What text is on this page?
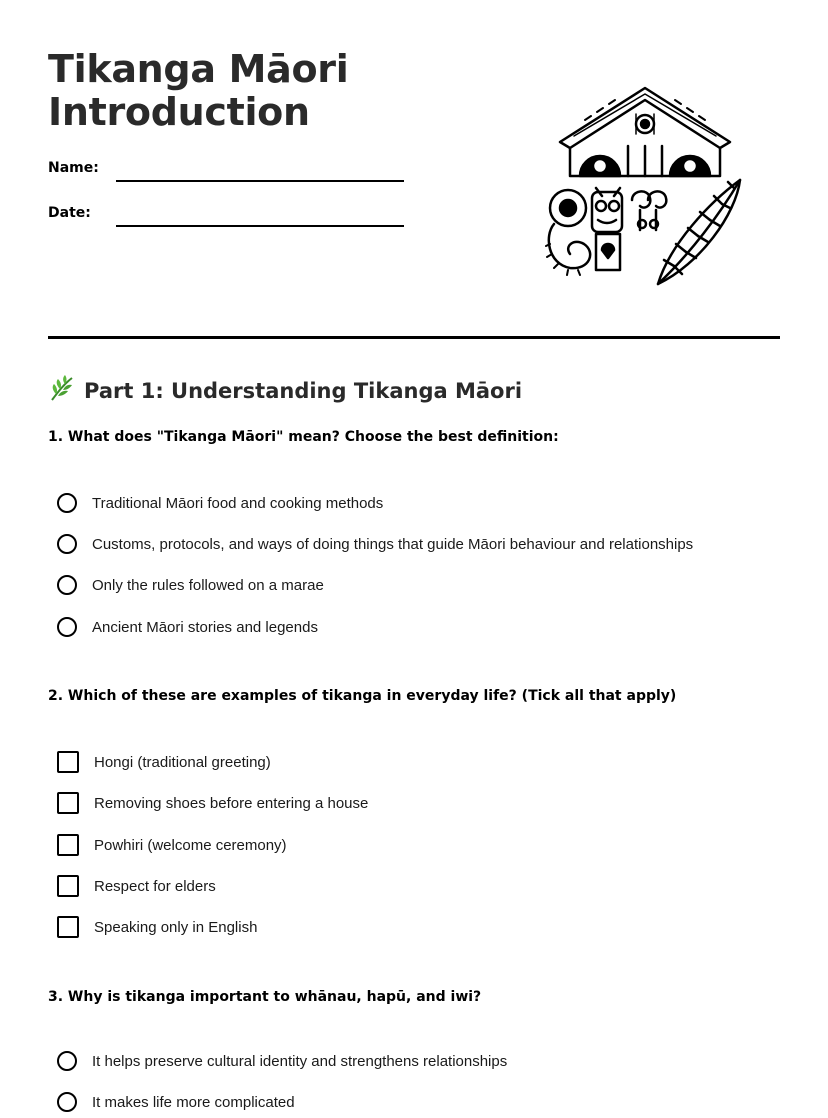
Tikanga Māori
Introduction
Name:
Date:
Part 1: Understanding Tikanga Māori

1. What does "Tikanga Māori" mean? Choose the best definition:

Traditional Māori food and cooking methods
Customs, protocols, and ways of doing things that guide Māori behaviour and relationships
Only the rules followed on a marae
Ancient Māori stories and legends

2. Which of these are examples of tikanga in everyday life? (Tick all that apply)

Hongi (traditional greeting)
Removing shoes before entering a house
Powhiri (welcome ceremony)
Respect for elders
Speaking only in English

3. Why is tikanga important to whānau, hapū, and iwi?

It helps preserve cultural identity and strengthens relationships
It makes life more complicated
